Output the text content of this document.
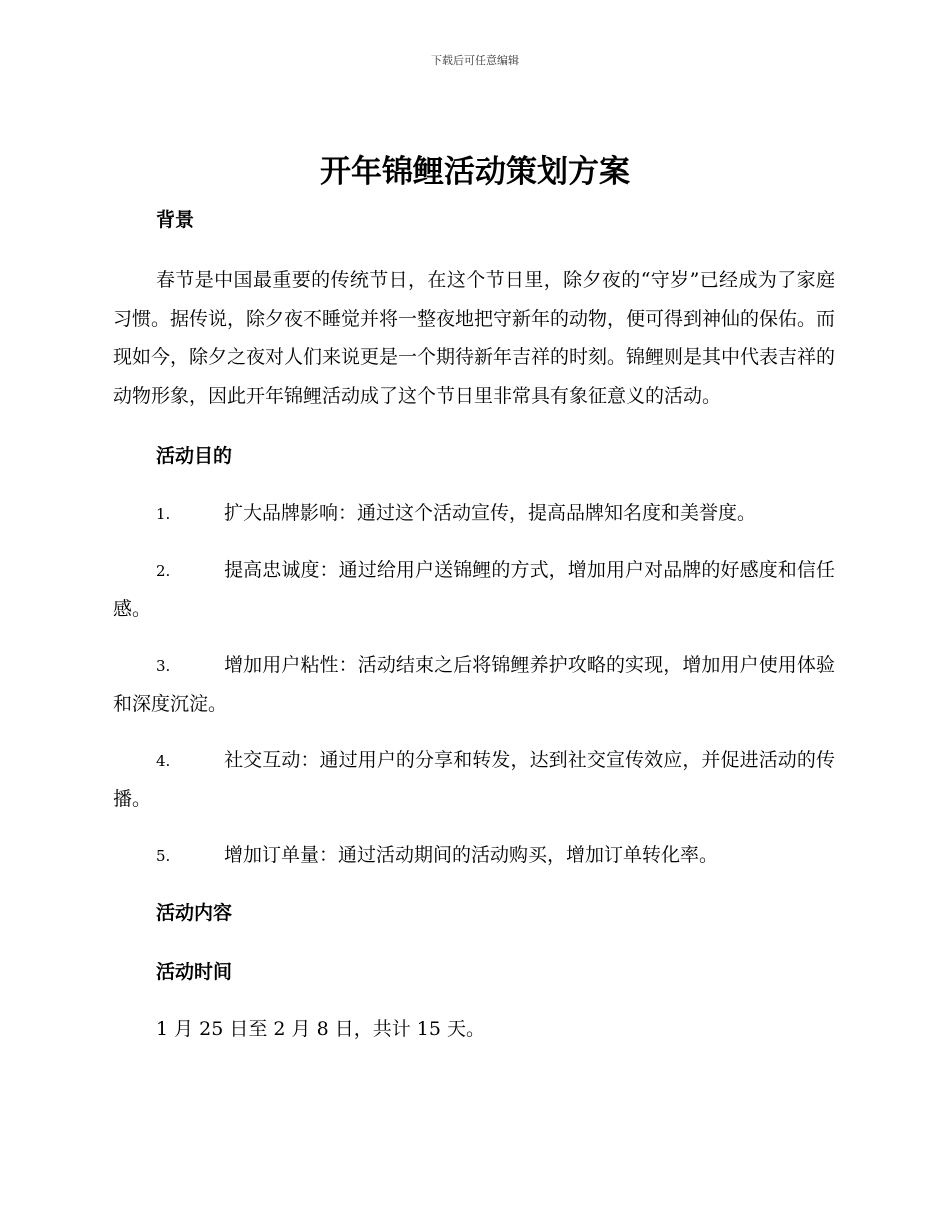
下载后可任意编辑
开年锦鲤活动策划方案
背景

春节是中国最重要的传统节日，在这个节日里，除夕夜的“守岁”已经成为了家庭习惯。据传说，除夕夜不睡觉并将一整夜地把守新年的动物，便可得到神仙的保佑。而现如今，除夕之夜对人们来说更是一个期待新年吉祥的时刻。锦鲤则是其中代表吉祥的动物形象，因此开年锦鲤活动成了这个节日里非常具有象征意义的活动。

活动目的

1.	扩大品牌影响：通过这个活动宣传，提高品牌知名度和美誉度。

2.	提高忠诚度：通过给用户送锦鲤的方式，增加用户对品牌的好感度和信任感。

3.	增加用户粘性：活动结束之后将锦鲤养护攻略的实现，增加用户使用体验和深度沉淀。

4.	社交互动：通过用户的分享和转发，达到社交宣传效应，并促进活动的传播。

5.	增加订单量：通过活动期间的活动购买，增加订单转化率。

活动内容
活动时间

1 月 25 日至 2 月 8 日，共计 15 天。
